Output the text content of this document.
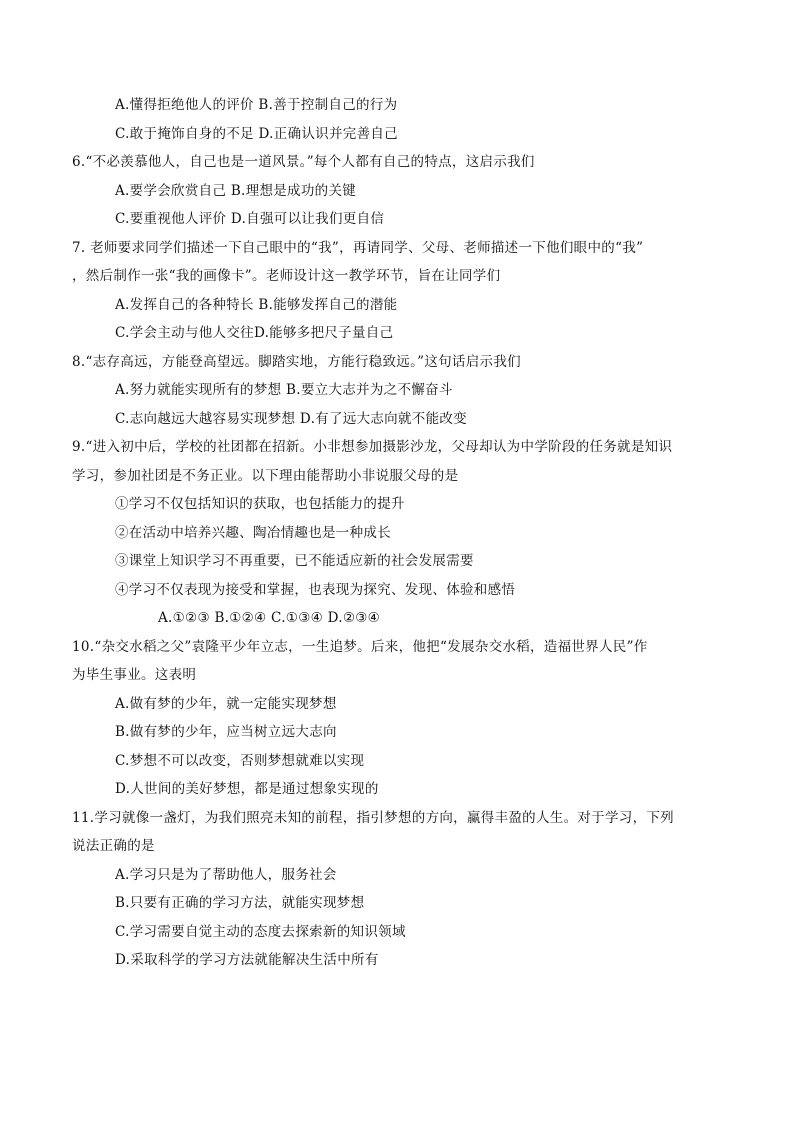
A.懂得拒绝他人的评价 B.善于控制自己的行为
C.敢于掩饰自身的不足 D.正确认识并完善自己
6.“不必羡慕他人，自己也是一道风景。”每个人都有自己的特点，这启示我们
A.要学会欣赏自己 B.理想是成功的关键
C.要重视他人评价 D.自强可以让我们更自信
7. 老师要求同学们描述一下自己眼中的“我”，再请同学、父母、老师描述一下他们眼中的“我”
，然后制作一张“我的画像卡”。老师设计这一教学环节，旨在让同学们
A.发挥自己的各种特长 B.能够发挥自己的潜能
C.学会主动与他人交往D.能够多把尺子量自己
8.“志存高远，方能登高望远。脚踏实地，方能行稳致远。”这句话启示我们
A.努力就能实现所有的梦想 B.要立大志并为之不懈奋斗
C.志向越远大越容易实现梦想 D.有了远大志向就不能改变
9.“进入初中后，学校的社团都在招新。小非想参加摄影沙龙，父母却认为中学阶段的任务就是知识
学习，参加社团是不务正业。以下理由能帮助小非说服父母的是
①学习不仅包括知识的获取，也包括能力的提升
②在活动中培养兴趣、陶冶情趣也是一种成长
③课堂上知识学习不再重要，已不能适应新的社会发展需要
④学习不仅表现为接受和掌握，也表现为探究、发现、体验和感悟
A.①②③ B.①②④ C.①③④ D.②③④
10.“杂交水稻之父”袁隆平少年立志，一生追梦。后来，他把“发展杂交水稻，造福世界人民”作
为毕生事业。这表明
A.做有梦的少年，就一定能实现梦想
B.做有梦的少年，应当树立远大志向
C.梦想不可以改变，否则梦想就难以实现
D.人世间的美好梦想，都是通过想象实现的
11.学习就像一盏灯，为我们照亮未知的前程，指引梦想的方向，赢得丰盈的人生。对于学习，下列
说法正确的是
A.学习只是为了帮助他人，服务社会
B.只要有正确的学习方法，就能实现梦想
C.学习需要自觉主动的态度去探索新的知识领域
D.采取科学的学习方法就能解决生活中所有
